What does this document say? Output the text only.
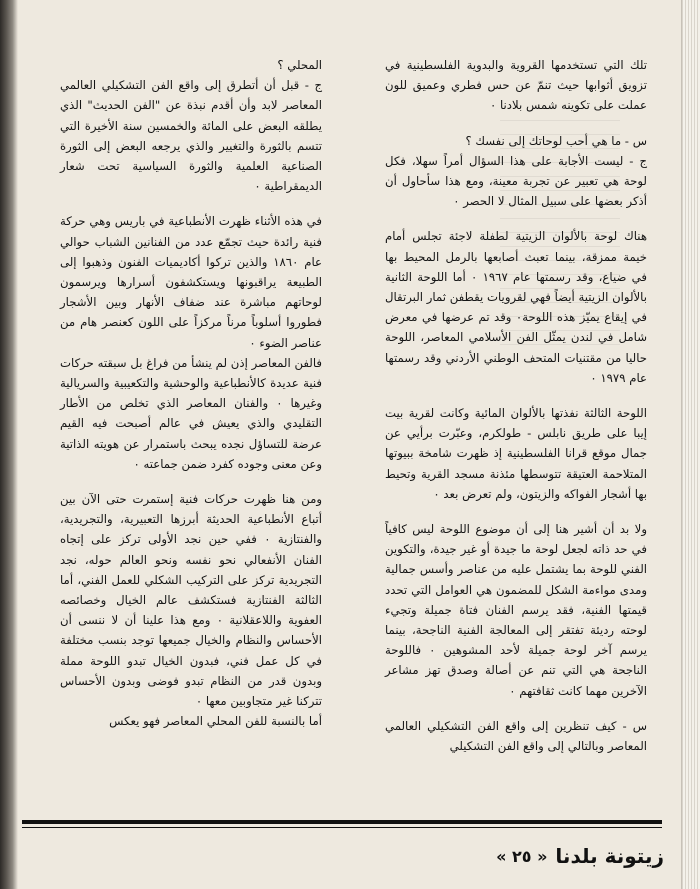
تلك التي تستخدمها القروية والبدوية الفلسطينية في تزويق أثوابها حيث تنمّ عن حس فطري وعميق للون عملت على تكوينه شمس بلادنا ٠

س - ما هي أحب لوحاتك إلى نفسك ؟
ج - ليست الأجابة على هذا السؤال أمراً سهلا، فكل لوحة هي تعبير عن تجربة معينة، ومع هذا سأحاول أن أذكر بعضها على سبيل المثال لا الحصر ٠

هناك لوحة بالألوان الزيتية لطفلة لاجئة تجلس أمام خيمة ممزقة، بينما تعبث أصابعها بالرمل المحيط بها في ضياع، وقد رسمتها عام ١٩٦٧ ٠ أما اللوحة الثانية بالألوان الزيتية أيضاً فهي لقرويات يقطفن ثمار البرتقال في إيقاع يميّز هذه اللوحة٠ وقد تم عرضها في معرض شامل في لندن يمثّل الفن الأسلامي المعاصر، اللوحة حاليا من مقتنيات المتحف الوطني الأردني وقد رسمتها عام ١٩٧٩ ٠

اللوحة الثالثة نفذتها بالألوان المائية وكانت لقرية بيت إيبا على طريق نابلس - طولكرم، وعبّرت برأيي عن جمال موقع قرانا الفلسطينية إذ ظهرت شامخة ببيوتها المتلاحمة العتيقة تتوسطها مئذنة مسجد القرية وتحيط بها أشجار الفواكه والزيتون، ولم تعرض بعد ٠

ولا بد أن أشير هنا إلى أن موضوع اللوحة ليس كافياً في حد ذاته لجعل لوحة ما جيدة أو غير جيدة، والتكوين الفني للوحة بما يشتمل عليه من عناصر وأسس جمالية ومدى مواءمة الشكل للمضمون هي العوامل التي تحدد قيمتها الفنية، فقد يرسم الفنان فتاة جميلة وتجيء لوحته رديئة تفتقر إلى المعالجة الفنية الناجحة، بينما يرسم آخر لوحة جميلة لأحد المشوهين ٠ فاللوحة الناجحة هي التي تنم عن أصالة وصدق تهز مشاعر الآخرين مهما كانت ثقافتهم ٠

س - كيف تنظرين إلى واقع الفن التشكيلي العالمي المعاصر وبالتالي إلى واقع الفن التشكيلي

المحلي ؟
ج - قبل أن أتطرق إلى واقع الفن التشكيلي العالمي المعاصر لابد وأن أقدم نبذة عن "الفن الحديث" الذي يطلقه البعض على المائة والخمسين سنة الأخيرة التي تتسم بالثورة والتغيير والذي يرجعه البعض إلى الثورة الصناعية العلمية والثورة السياسية تحت شعار الديمقراطية ٠

في هذه الأثناء ظهرت الأنطباعية في باريس وهي حركة فنية رائدة حيث تجمّع عدد من الفنانين الشباب حوالي عام ١٨٦٠ والذين تركوا أكاديميات الفنون وذهبوا إلى الطبيعة يراقبونها ويستكشفون أسرارها ويرسمون لوحاتهم مباشرة عند ضفاف الأنهار وبين الأشجار فطوروا أسلوباً مرناً مركزاً على اللون كعنصر هام من عناصر الضوء ٠
فالفن المعاصر إذن لم ينشأ من فراغ بل سبقته حركات فنية عديدة كالأنطباعية والوحشية والتكعيبية والسريالية وغيرها ٠ والفنان المعاصر الذي تخلص من الأطار التقليدي والذي يعيش في عالم أصبحت فيه القيم عرضة للتساؤل نجده يبحث باستمرار عن هويته الذاتية وعن معنى وجوده كفرد ضمن جماعته ٠

ومن هنا ظهرت حركات فنية إستمرت حتى الآن بين أتباع الأنطباعية الحديثة أبرزها التعبيرية، والتجريدية، والفنتازية ٠ ففي حين نجد الأولى تركز على إتجاه الفنان الأنفعالي نحو نفسه ونحو العالم حوله، نجد التجريدية تركز على التركيب الشكلي للعمل الفني، أما الثالثة الفنتازية فستكشف عالم الخيال وخصائصه العفوية واللاعقلانية ٠ ومع هذا علينا أن لا ننسى أن الأحساس والنظام والخيال جميعها توجد بنسب مختلفة في كل عمل فني، فبدون الخيال تبدو اللوحة مملة وبدون قدر من النظام تبدو فوضى وبدون الأحساس تتركنا غير متجاوبين معها ٠
أما بالنسبة للفن المحلي المعاصر فهو يعكس

زيتونة بلدنا
« ٢٥ »
